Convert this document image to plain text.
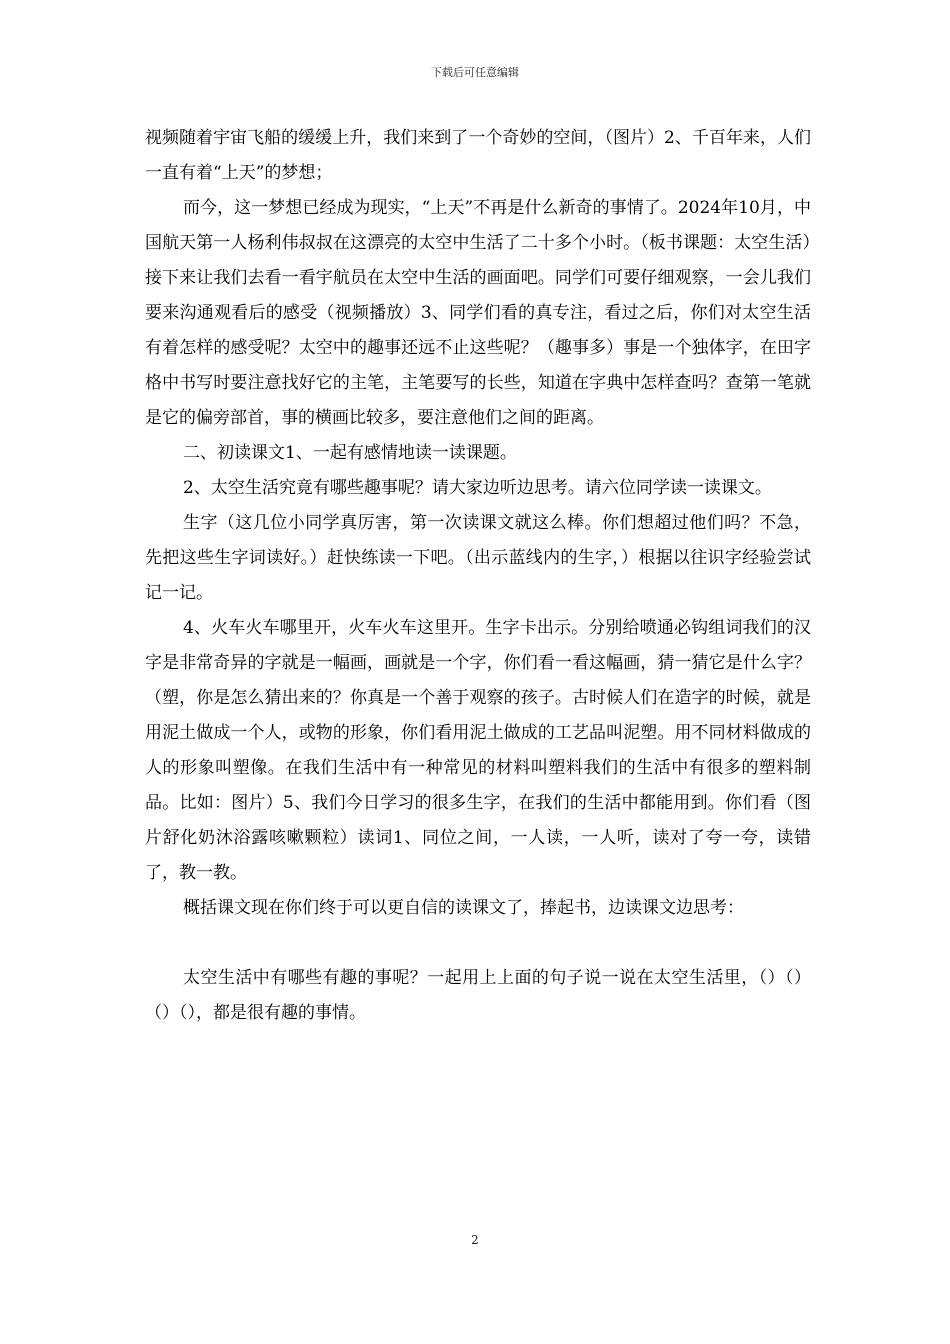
下载后可任意编辑

视频随着宇宙飞船的缓缓上升，我们来到了一个奇妙的空间，（图片）2、千百年来，人们一直有着“上天”的梦想；

而今，这一梦想已经成为现实，“上天”不再是什么新奇的事情了。2024年10月，中国航天第一人杨利伟叔叔在这漂亮的太空中生活了二十多个小时。（板书课题：太空生活）接下来让我们去看一看宇航员在太空中生活的画面吧。同学们可要仔细观察，一会儿我们要来沟通观看后的感受（视频播放）3、同学们看的真专注，看过之后，你们对太空生活有着怎样的感受呢？太空中的趣事还远不止这些呢？（趣事多）事是一个独体字，在田字格中书写时要注意找好它的主笔，主笔要写的长些，知道在字典中怎样查吗？查第一笔就是它的偏旁部首，事的横画比较多，要注意他们之间的距离。

二、初读课文1、一起有感情地读一读课题。

2、太空生活究竟有哪些趣事呢？请大家边听边思考。请六位同学读一读课文。

生字（这几位小同学真厉害，第一次读课文就这么棒。你们想超过他们吗？不急，先把这些生字词读好。）赶快练读一下吧。（出示蓝线内的生字，）根据以往识字经验尝试记一记。

4、火车火车哪里开，火车火车这里开。生字卡出示。分别给喷通必钩组词我们的汉字是非常奇异的字就是一幅画，画就是一个字，你们看一看这幅画，猜一猜它是什么字？（塑，你是怎么猜出来的？你真是一个善于观察的孩子。古时候人们在造字的时候，就是用泥土做成一个人，或物的形象，你们看用泥土做成的工艺品叫泥塑。用不同材料做成的人的形象叫塑像。在我们生活中有一种常见的材料叫塑料我们的生活中有很多的塑料制品。比如：图片）5、我们今日学习的很多生字，在我们的生活中都能用到。你们看（图片舒化奶沐浴露咳嗽颗粒）读词1、同位之间，一人读，一人听，读对了夸一夸，读错了，教一教。

概括课文现在你们终于可以更自信的读课文了，捧起书，边读课文边思考：

太空生活中有哪些有趣的事呢？一起用上上面的句子说一说在太空生活里，（）（）（）（），都是很有趣的事情。

2
